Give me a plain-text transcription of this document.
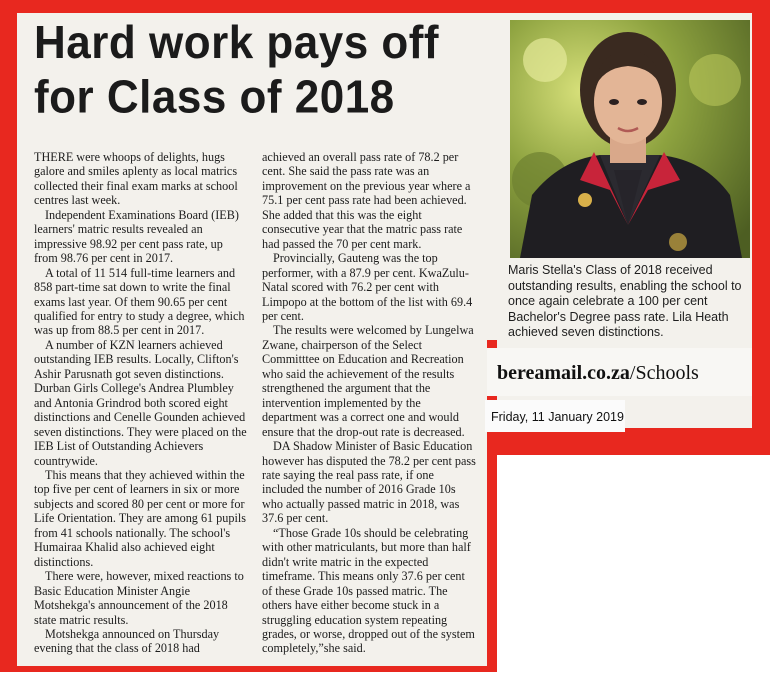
Hard work pays off for Class of 2018
Maris Stella's Class of 2018 received outstanding results, enabling the school to once again celebrate a 100 per cent Bachelor's Degree pass rate. Lila Heath achieved seven distinctions.
bereamail.co.za/Schools
Friday, 11 January 2019

THERE were whoops of delights, hugs galore and smiles aplenty as local matrics collected their final exam marks at school centres last week.

Independent Examinations Board (IEB) learners' matric results revealed an impressive 98.92 per cent pass rate, up from 98.76 per cent in 2017.

A total of 11 514 full-time learners and 858 part-time sat down to write the final exams last year. Of them 90.65 per cent qualified for entry to study a degree, which was up from 88.5 per cent in 2017.

A number of KZN learners achieved outstanding IEB results. Locally, Clifton's Ashir Parusnath got seven distinctions. Durban Girls College's Andrea Plumbley and Antonia Grindrod both scored eight distinctions and Cenelle Gounden achieved seven distinctions. They were placed on the IEB List of Outstanding Achievers countrywide.

This means that they achieved within the top five per cent of learners in six or more subjects and scored 80 per cent or more for Life Orientation. They are among 61 pupils from 41 schools nationally. The school's Humairaa Khalid also achieved eight distinctions.

There were, however, mixed reactions to Basic Education Minister Angie Motshekga's announcement of the 2018 state matric results.

Motshekga announced on Thursday evening that the class of 2018 had

achieved an overall pass rate of 78.2 per cent. She said the pass rate was an improvement on the previous year where a 75.1 per cent pass rate had been achieved. She added that this was the eight consecutive year that the matric pass rate had passed the 70 per cent mark.

Provincially, Gauteng was the top performer, with a 87.9 per cent. KwaZulu-Natal scored with 76.2 per cent with Limpopo at the bottom of the list with 69.4 per cent.

The results were welcomed by Lungelwa Zwane, chairperson of the Select Committtee on Education and Recreation who said the achievement of the results strengthened the argument that the intervention implemented by the department was a correct one and would ensure that the drop-out rate is decreased.

DA Shadow Minister of Basic Education however has disputed the 78.2 per cent pass rate saying the real pass rate, if one included the number of 2016 Grade 10s who actually passed matric in 2018, was 37.6 per cent.

“Those Grade 10s should be celebrating with other matriculants, but more than half didn't write matric in the expected timeframe. This means only 37.6 per cent of these Grade 10s passed matric. The others have either become stuck in a struggling education system repeating grades, or worse, dropped out of the system completely,”she said.
